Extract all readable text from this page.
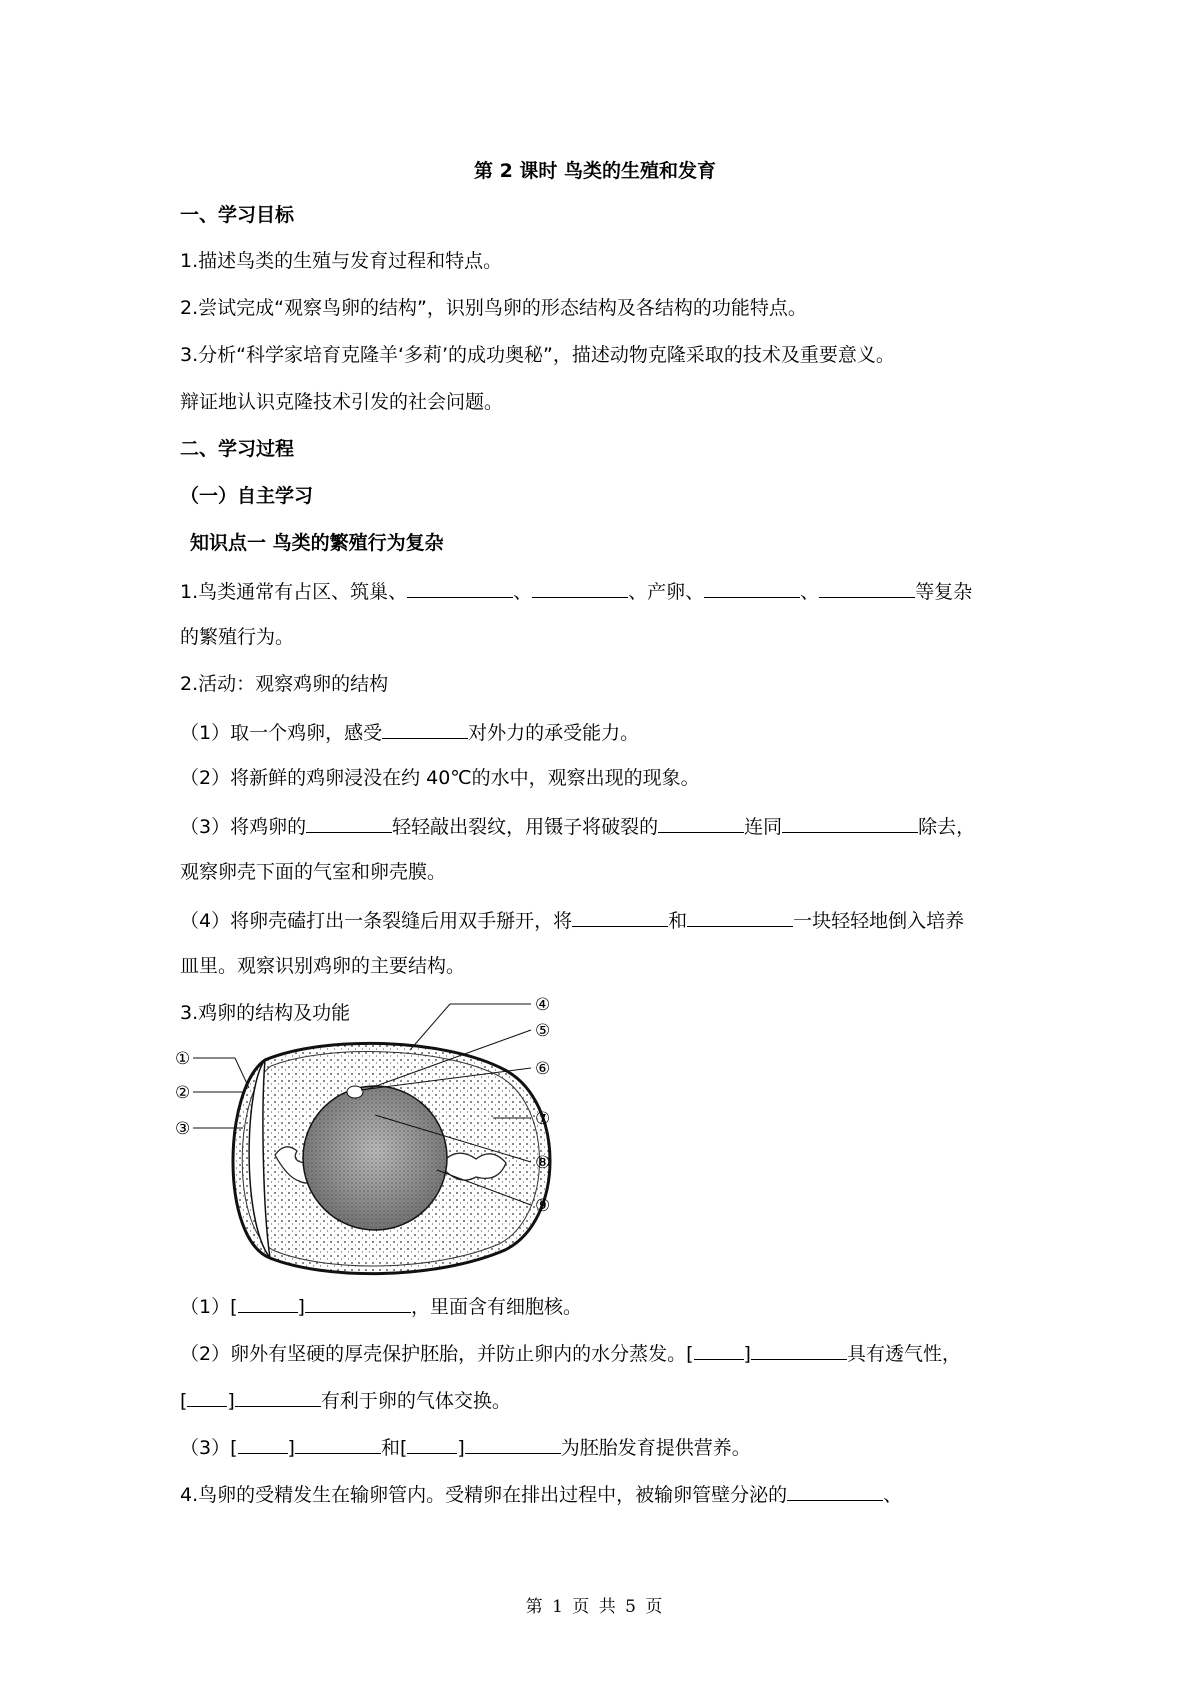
第 2 课时 鸟类的生殖和发育
一、学习目标
1.描述鸟类的生殖与发育过程和特点。
2.尝试完成“观察鸟卵的结构”，识别鸟卵的形态结构及各结构的功能特点。
3.分析“科学家培育克隆羊‘多莉’的成功奥秘”，描述动物克隆采取的技术及重要意义。
辩证地认识克隆技术引发的社会问题。
二、学习过程
（一）自主学习
知识点一 鸟类的繁殖行为复杂
1.鸟类通常有占区、筑巢、	、	、产卵、	、	等复杂
的繁殖行为。
2.活动：观察鸡卵的结构
（1）取一个鸡卵，感受	对外力的承受能力。
（2）将新鲜的鸡卵浸没在约 40℃的水中，观察出现的现象。
（3）将鸡卵的	轻轻敲出裂纹，用镊子将破裂的	连同	除去，
观察卵壳下面的气室和卵壳膜。
（4）将卵壳磕打出一条裂缝后用双手掰开，将	和	一块轻轻地倒入培养
皿里。观察识别鸡卵的主要结构。
3.鸡卵的结构及功能
①
②
③
④
⑤
⑥
⑦
⑧
⑨
（1）[	]	，里面含有细胞核。
（2）卵外有坚硬的厚壳保护胚胎，并防止卵内的水分蒸发。[	]	具有透气性，
[ ]	有利于卵的气体交换。
（3）[	]	和[	]	为胚胎发育提供营养。
4.鸟卵的受精发生在输卵管内。受精卵在排出过程中，被输卵管壁分泌的	、
第 1 页 共 5 页
